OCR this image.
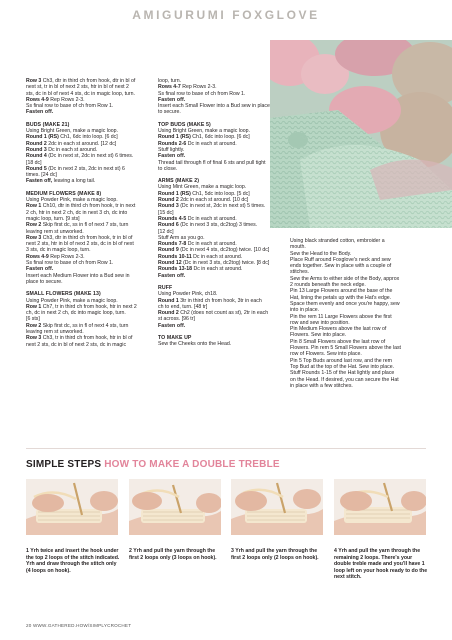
AMIGURUMI FOXGLOVE
Row 3 Ch3, dtr in third ch from hook, dtr in bl of
next st, tr in bl of next 2 sts, htr in bl of next 2
sts, dc in bl of next 4 sts, dc in magic loop, turn.
Rows 4-9 Rep Rows 2-3.
Ss final row to base of ch from Row 1.
Fasten off.
BUDS (MAKE 21)
Using Bright Green, make a magic loop.
Round 1 (RS) Ch1, 6dc into loop. [6 dc]
Round 2 2dc in each st around. [12 dc]
Round 3 Dc in each st around.
Round 4 (Dc in next st, 2dc in next st) 6 times.
[18 dc]
Round 5 (Dc in next 2 sts, 2dc in next st) 6
times. [24 dc]
Fasten off, leaving a long tail.
MEDIUM FLOWERS (MAKE 8)
Using Powder Pink, make a magic loop.
Row 1 Ch10, dtr in third ch from hook, tr in next
2 ch, htr in next 2 ch, dc in next 3 ch, dc into
magic loop, turn. [9 sts]
Row 2 Skip first dc, ss in fl of next 7 sts, turn
leaving rem st unworked.
Row 3 Ch3, dtr in third ch from hook, tr in bl of
next 2 sts, htr in bl of next 2 sts, dc in bl of next
3 sts, dc in magic loop, turn.
Rows 4-9 Rep Rows 2-3.
Ss final row to base of ch from Row 1.
Fasten off.
Insert each Medium Flower into a Bud sew in
place to secure.
SMALL FLOWERS (MAKE 13)
Using Powder Pink, make a magic loop.
Row 1 Ch7, tr in third ch from hook, htr in next 2
ch, dc in next 2 ch, dc into magic loop, turn.
[6 sts]
Row 2 Skip first dc, ss in fl of next 4 sts, turn
leaving rem st unworked.
Row 3 Ch3, tr in third ch from hook, htr in bl of
next 2 sts, dc in bl of next 2 sts, dc in magic
loop, turn.
Rows 4-7 Rep Rows 2-3.
Ss final row to base of ch from Row 1.
Fasten off.
Insert each Small Flower into a Bud sew in place
to secure.
TOP BUDS (MAKE 5)
Using Bright Green, make a magic loop.
Round 1 (RS) Ch1, 6dc into loop. [6 dc]
Rounds 2-6 Dc in each st around.
Stuff lightly.
Fasten off.
Thread tail through fl of final 6 sts and pull tight
to close.
ARMS (MAKE 2)
Using Mint Green, make a magic loop.
Round 1 (RS) Ch1, 5dc into loop. [5 dc]
Round 2 2dc in each st around. [10 dc]
Round 3 (Dc in next st, 2dc in next st) 5 times.
[15 dc]
Rounds 4-5 Dc in each st around.
Round 6 (Dc in next 3 sts, dc2tog) 3 times.
[12 dc]
Stuff Arm as you go.
Rounds 7-8 Dc in each st around.
Round 9 (Dc in next 4 sts, dc2tog) twice. [10 dc]
Rounds 10-11 Dc in each st around.
Round 12 (Dc in next 3 sts, dc2tog) twice. [8 dc]
Rounds 13-18 Dc in each st around.
Fasten off.
RUFF
Using Powder Pink, ch18.
Round 1 3tr in third ch from hook, 3tr in each
ch to end, turn. [48 tr]
Round 2 Ch2 (does not count as st), 2tr in each
st across. [96 tr]
Fasten off.
TO MAKE UP
Sew the Cheeks onto the Head.
Using black stranded cotton, embroider a
mouth.
Sew the Head to the Body.
Place Ruff around Foxglove's neck and sew
ends together. Sew in place with a couple of
stitches.
Sew the Arms to either side of the Body, approx
2 rounds beneath the neck edge.
Pin 13 Large Flowers around the base of the
Hat, lining the petals up with the Hat's edge.
Space them evenly and once you're happy, sew
into in place.
Pin the rem 11 Large Flowers above the first
row and sew into position.
Pin Medium Flowers above the last row of
Flowers. Sew into place.
Pin 8 Small Flowers above the last row of
Flowers. Pin rem 5 Small Flowers above the last
row of Flowers. Sew into place.
Pin 5 Top Buds around last row, and the rem
Top Bud at the top of the Hat. Sew into place.
Stuff Rounds 1-15 of the Hat lightly and place
on the Head. If desired, you can secure the Hat
in place with a few stitches.
SIMPLE STEPS HOW TO MAKE A DOUBLE TREBLE
1 Yrh twice and insert the hook under the top 2 loops of the stitch indicated. Yrh and draw through the stitch only (4 loops on hook).
2 Yrh and pull the yarn through the first 2 loops only (3 loops on hook).
3 Yrh and pull the yarn through the first 2 loops only (2 loops on hook).
4 Yrh and pull the yarn through the remaining 2 loops. There's your double treble made and you'll have 1 loop left on your hook ready to do the next stitch.
20 WWW.GATHERED.HOW/SIMPLYCROCHET
